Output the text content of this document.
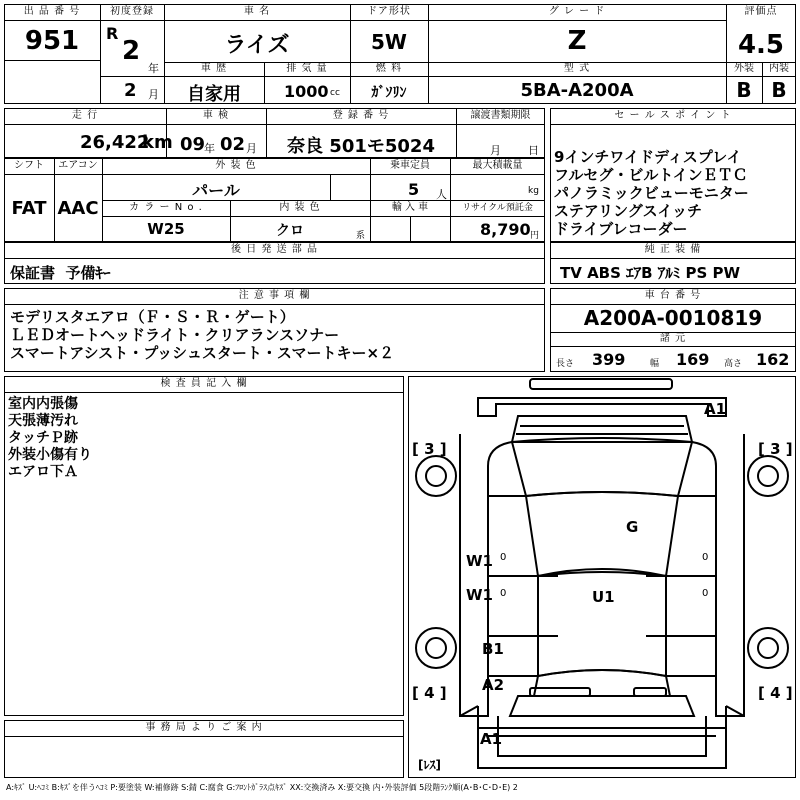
出 品 番 号
951
初度登録
R
2
年
2 月
車 名
ライズ
ドア形状
5W
グ レ ー ド
Z
評価点
4.5
外装	内装
B B
車 歴
自家用
排 気 量
1000 cc
燃 料
ｶﾞｿﾘﾝ
型 式
5BA-A200A
走 行
26,422
km
車 検
09
年 02 月
登 録 番 号
奈良 501モ5024
譲渡書類期限
月 日
シフト
FAT
エアコン
AAC
外 装 色
パール
乗車定員
5 人
最大積載量
kg
カ ラ ー N o .
W25
内 装 色
クロ	系
輸 入 車	リサイクル預託金
8,790 円
セ ー ル ス ポ イ ン ト
9インチワイドディスプレイ
フルセグ・ビルトインＥＴＣ
パノラミックビューモニター
ステアリングスイッチ
ドライブレコーダー
後 日 発 送 部 品
保証書  予備ｷｰ
純 正 装 備
TV ABS ｴｱB ｱﾙﾐ PS PW
注 意 事 項 欄
モデリスタエアロ（Ｆ・Ｓ・Ｒ・ゲート）
ＬＥＤオートヘッドライト・クリアランスソナー
スマートアシスト・プッシュスタート・スマートキー×２
車 台 番 号
A200A-0010819
諸 元
長さ 399	幅 169 高さ 162
検 査 員 記 入 欄
室内内張傷
天張薄汚れ
タッチＰ跡
外装小傷有り
エアロ下Ａ
事 務 局 よ り ご 案 内
A1
[ 3 ]	[ 3 ]
G
W1
W1	U1
B1
A2
[ 4 ]	[ 4 ]
A1
[ﾚｽ]
0
0
0
0
A:ｷｽﾞ U:ﾍｺﾐ B:ｷｽﾞを伴うﾍｺﾐ P:要塗装 W:補修跡 S:錆 C:腐食 G:ﾌﾛﾝﾄｶﾞﾗｽ点ｷｽﾞ XX:交換済み X:要交換 内･外装評価 5段階ﾗﾝｸ順(A･B･C･D･E) 2
